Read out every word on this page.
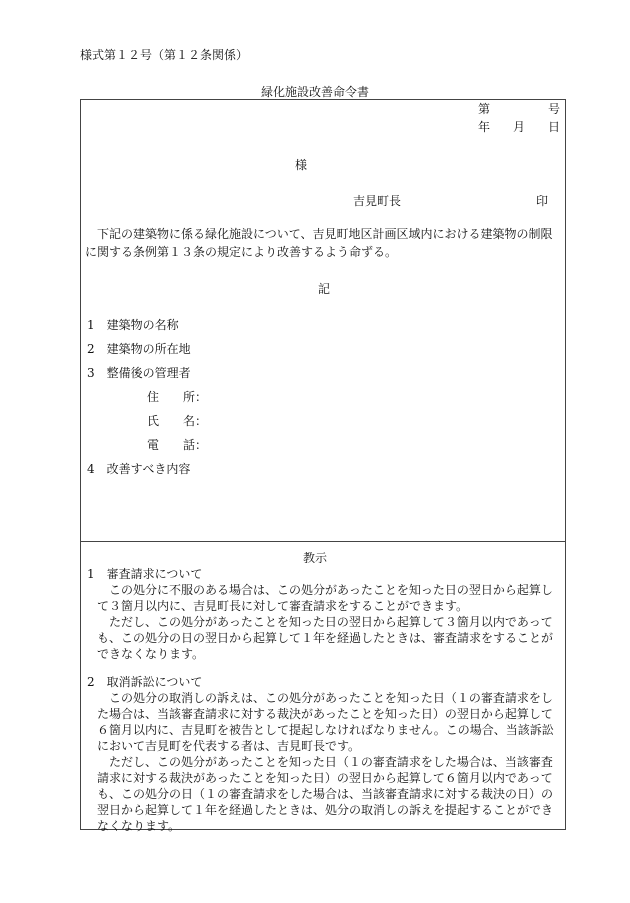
様式第１２号（第１２条関係）
緑化施設改善命令書
第	号
年 月 日
様
吉見町長	印
下記の建築物に係る緑化施設について、吉見町地区計画区域内における建築物の制限
に関する条例第１３条の規定により改善するよう命ずる。
記
1　建築物の名称
2　建築物の所在地
3　整備後の管理者
住　　所：
氏　　名：
電　　話：
4　改善すべき内容
教示
1　審査請求について
この処分に不服のある場合は、この処分があったことを知った日の翌日から起算し
て３箇月以内に、吉見町長に対して審査請求をすることができます。
ただし、この処分があったことを知った日の翌日から起算して３箇月以内であって
も、この処分の日の翌日から起算して１年を経過したときは、審査請求をすることが
できなくなります。
2　取消訴訟について
この処分の取消しの訴えは、この処分があったことを知った日（１の審査請求をし
た場合は、当該審査請求に対する裁決があったことを知った日）の翌日から起算して
６箇月以内に、吉見町を被告として提起しなければなりません。この場合、当該訴訟
において吉見町を代表する者は、吉見町長です。
ただし、この処分があったことを知った日（１の審査請求をした場合は、当該審査
請求に対する裁決があったことを知った日）の翌日から起算して６箇月以内であって
も、この処分の日（１の審査請求をした場合は、当該審査請求に対する裁決の日）の
翌日から起算して１年を経過したときは、処分の取消しの訴えを提起することができ
なくなります。
